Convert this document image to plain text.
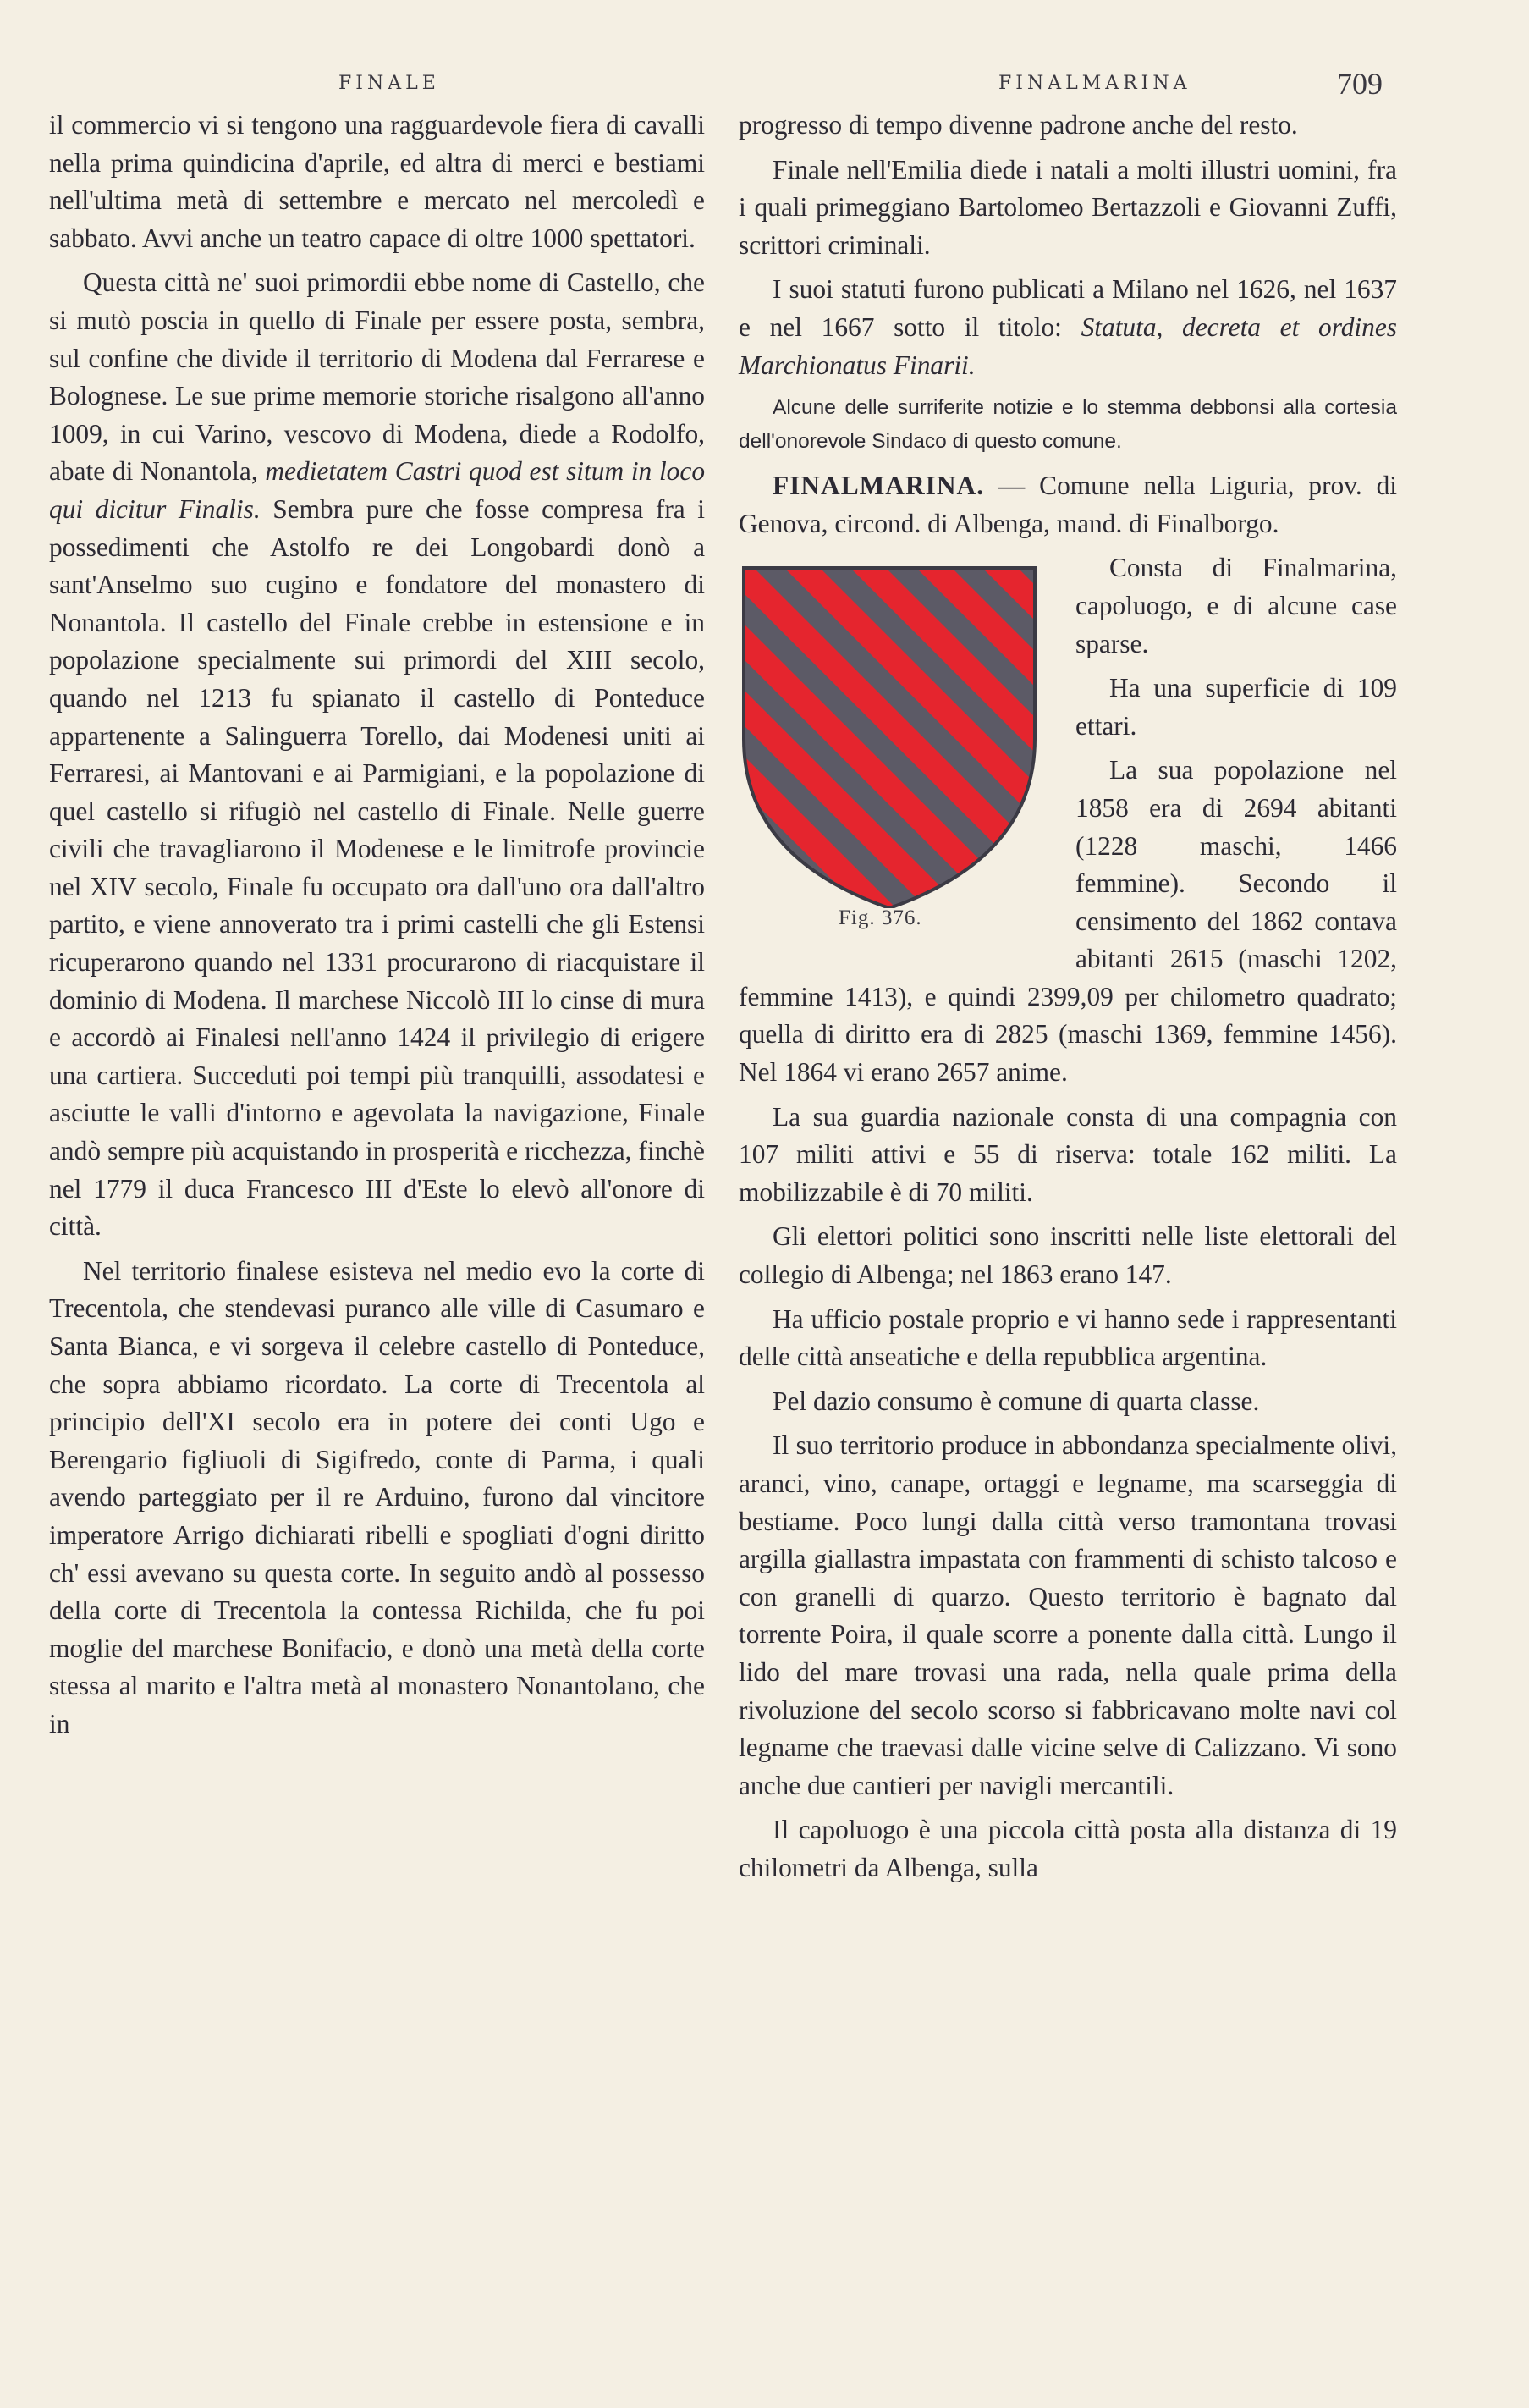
FINALE	FINALMARINA	709

il commercio vi si tengono una ragguardevole fiera di cavalli nella prima quindicina d'aprile, ed altra di merci e bestiami nell'ultima metà di settembre e mercato nel mercoledì e sabbato. Avvi anche un teatro capace di oltre 1000 spettatori.

Questa città ne' suoi primordii ebbe nome di Castello, che si mutò poscia in quello di Finale per essere posta, sembra, sul confine che divide il territorio di Modena dal Ferrarese e Bolognese. Le sue prime memorie storiche risalgono all'anno 1009, in cui Varino, vescovo di Modena, diede a Rodolfo, abate di Nonantola, medietatem Castri quod est situm in loco qui dicitur Finalis. Sembra pure che fosse compresa fra i possedimenti che Astolfo re dei Longobardi donò a sant'Anselmo suo cugino e fondatore del monastero di Nonantola. Il castello del Finale crebbe in estensione e in popolazione specialmente sui primordi del XIII secolo, quando nel 1213 fu spianato il castello di Ponteduce appartenente a Salinguerra Torello, dai Modenesi uniti ai Ferraresi, ai Mantovani e ai Parmigiani, e la popolazione di quel castello si rifugiò nel castello di Finale. Nelle guerre civili che travagliarono il Modenese e le limitrofe provincie nel XIV secolo, Finale fu occupato ora dall'uno ora dall'altro partito, e viene annoverato tra i primi castelli che gli Estensi ricuperarono quando nel 1331 procurarono di riacquistare il dominio di Modena. Il marchese Niccolò III lo cinse di mura e accordò ai Finalesi nell'anno 1424 il privilegio di erigere una cartiera. Succeduti poi tempi più tranquilli, assodatesi e asciutte le valli d'intorno e agevolata la navigazione, Finale andò sempre più acquistando in prosperità e ricchezza, finchè nel 1779 il duca Francesco III d'Este lo elevò all'onore di città.

Nel territorio finalese esisteva nel medio evo la corte di Trecentola, che stendevasi puranco alle ville di Casumaro e Santa Bianca, e vi sorgeva il celebre castello di Ponteduce, che sopra abbiamo ricordato. La corte di Trecentola al principio dell'XI secolo era in potere dei conti Ugo e Berengario figliuoli di Sigifredo, conte di Parma, i quali avendo parteggiato per il re Arduino, furono dal vincitore imperatore Arrigo dichiarati ribelli e spogliati d'ogni diritto ch' essi avevano su questa corte. In seguito andò al possesso della corte di Trecentola la contessa Richilda, che fu poi moglie del marchese Bonifacio, e donò una metà della corte stessa al marito e l'altra metà al monastero Nonantolano, che in

progresso di tempo divenne padrone anche del resto.

Finale nell'Emilia diede i natali a molti illustri uomini, fra i quali primeggiano Bartolomeo Bertazzoli e Giovanni Zuffi, scrittori criminali.

I suoi statuti furono publicati a Milano nel 1626, nel 1637 e nel 1667 sotto il titolo: Statuta, decreta et ordines Marchionatus Finarii.

Alcune delle surriferite notizie e lo stemma debbonsi alla cortesia dell'onorevole Sindaco di questo comune.

FINALMARINA. — Comune nella Liguria, prov. di Genova, circond. di Albenga, mand. di Finalborgo.

Fig. 376.

Consta di Finalmarina, capoluogo, e di alcune case sparse.

Ha una superficie di 109 ettari.

La sua popolazione nel 1858 era di 2694 abitanti (1228 maschi, 1466 femmine). Secondo il censimento del 1862 contava abitanti 2615 (maschi 1202, femmine 1413), e quindi 2399,09 per chilometro quadrato; quella di diritto era di 2825 (maschi 1369, femmine 1456). Nel 1864 vi erano 2657 anime.

La sua guardia nazionale consta di una compagnia con 107 militi attivi e 55 di riserva: totale 162 militi. La mobilizzabile è di 70 militi.

Gli elettori politici sono inscritti nelle liste elettorali del collegio di Albenga; nel 1863 erano 147.

Ha ufficio postale proprio e vi hanno sede i rappresentanti delle città anseatiche e della repubblica argentina.

Pel dazio consumo è comune di quarta classe.

Il suo territorio produce in abbondanza specialmente olivi, aranci, vino, canape, ortaggi e legname, ma scarseggia di bestiame. Poco lungi dalla città verso tramontana trovasi argilla giallastra impastata con frammenti di schisto talcoso e con granelli di quarzo. Questo territorio è bagnato dal torrente Poira, il quale scorre a ponente dalla città. Lungo il lido del mare trovasi una rada, nella quale prima della rivoluzione del secolo scorso si fabbricavano molte navi col legname che traevasi dalle vicine selve di Calizzano. Vi sono anche due cantieri per navigli mercantili.

Il capoluogo è una piccola città posta alla distanza di 19 chilometri da Albenga, sulla
